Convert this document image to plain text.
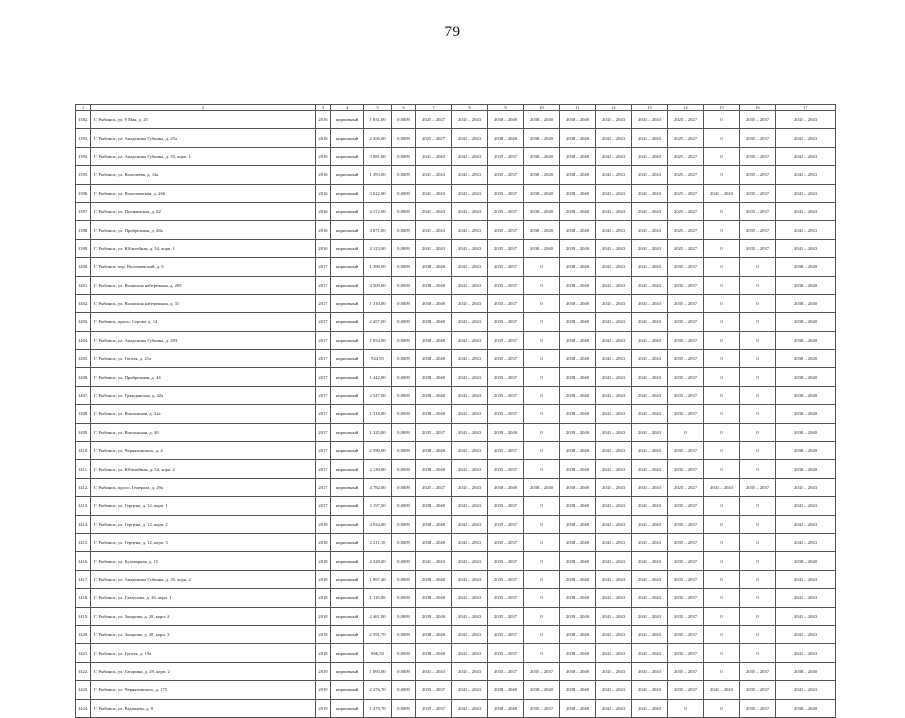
79
1	2	3	4	5	6	7	8	9	10	11	12	13	14	15	16	17
1382.	Г. Рыбинск, ул. 9 Мая, д. 25	2016	кирпичный	1 031,00	0,0009	2025 – 2027	2041 – 2043	2038 – 2040	2038 – 2040	2038 – 2040	2041 – 2043	2041 – 2043	2025 – 2027	0	2035 – 2037	2041 – 2043
1393.	Г. Рыбинск, ул. Академика Губкина, д. 25а	2016	кирпичный	2 456,00	0,0009	2025 – 2027	2041 – 2043	2038 – 2040	2038 – 2040	2038 – 2040	2041 – 2043	2041 – 2043	2025 – 2027	0	2035 – 2037	2041 – 2043
1394.	Г. Рыбинск, ул. Академика Губкина, д. 35, корп. 1	2016	кирпичный	3 081,00	0,0009	2041 – 2043	2041 – 2043	2035 – 2037	2038 – 2040	2038 – 2040	2041 – 2043	2041 – 2043	2025 – 2027	0	2035 – 2037	2041 – 2043
1395.	Г. Рыбинск, ул. Волочаева, д. 14а	2016	кирпичный	1 393,00	0,0009	2041 – 2043	2041 – 2043	2035 – 2037	2038 – 2040	2038 – 2040	2041 – 2043	2041 – 2043	2025 – 2027	0	2035 – 2037	2041 – 2043
1396.	Г. Рыбинск, ул. Волочаевская, д. 266	2016	кирпичный	3 022,00	0,0009	2041 – 2043	2041 – 2043	2035 – 2037	2038 – 2040	2038 – 2040	2041 – 2043	2041 – 2043	2025 – 2027	2041 – 2043	2035 – 2037	2041 – 2043
1397.	Г. Рыбинск, ул. Пушкинская, д. 62	2016	кирпичный	4 172,00	0,0009	2041 – 2043	2041 – 2043	2035 – 2037	2038 – 2040	2038 – 2040	2041 – 2043	2041 – 2043	2025 – 2027	0	2035 – 2037	2041 – 2043
1398.	Г. Рыбинск, ул. Прибрежная, д. 48а	2016	кирпичный	3 871,00	0,0009	2041 – 2043	2041 – 2043	2035 – 2037	2038 – 2040	2038 – 2040	2041 – 2043	2041 – 2043	2025 – 2027	0	2035 – 2037	2041 – 2043
1399.	Г. Рыбинск, ул. Юбилейная, д. 54, корп. 1	2016	кирпичный	2 123,00	0,0009	2041 – 2043	2041 – 2043	2035 – 2037	2038 – 2040	2038 – 2040	2041 – 2043	2041 – 2043	2025 – 2027	0	2035 – 2037	2041 – 2043
1400.	Г. Рыбинск, пер. Волочаевский, д. 6	2017	кирпичный	1 398,00	0,0009	2038 – 2040	2041 – 2043	2035 – 2037	0	2038 – 2040	2041 – 2043	2041 – 2043	2035 – 2037	0	0	2038 – 2040
1401.	Г. Рыбинск, ул. Волжская набережная, д. 209	2017	кирпичный	4 509,00	0,0009	2038 – 2040	2041 – 2043	2035 – 2037	0	2038 – 2040	2041 – 2043	2041 – 2043	2035 – 2037	0	0	2038 – 2040
1402.	Г. Рыбинск, ул. Волжская набережная, д. 31	2017	кирпичный	1 310,00	0,0009	2038 – 2040	2041 – 2043	2035 – 2037	0	2038 – 2040	2041 – 2043	2041 – 2043	2035 – 2037	0	0	2038 – 2040
1403.	Г. Рыбинск, просп. Серова, д. 14	2017	кирпичный	2 457,00	0,0009	2038 – 2040	2041 – 2043	2035 – 2037	0	2038 – 2040	2041 – 2043	2041 – 2043	2035 – 2037	0	0	2038 – 2040
1404.	Г. Рыбинск, ул. Академика Губкина, д. 293	2017	кирпичный	1 054,00	0,0009	2038 – 2040	2041 – 2043	2035 – 2037	0	2038 – 2040	2041 – 2043	2041 – 2043	2035 – 2037	0	0	2038 – 2040
1405.	Г. Рыбинск, ул. Гоголя, д. 21а	2017	кирпичный	924,95	0,0009	2038 – 2040	2041 – 2043	2035 – 2037	0	2038 – 2040	2041 – 2043	2041 – 2043	2035 – 2037	0	0	2038 – 2040
1406.	Г. Рыбинск, ул. Прибрежная, д. 44	2017	кирпичный	1 442,00	0,0009	2038 – 2040	2041 – 2043	2035 – 2037	0	2038 – 2040	2041 – 2043	2041 – 2043	2035 – 2037	0	0	2038 – 2040
1407.	Г. Рыбинск, ул. Гражданская, д. 42а	2017	кирпичный	2 547,00	0,0009	2038 – 2040	2041 – 2043	2035 – 2037	0	2038 – 2040	2041 – 2043	2041 – 2043	2035 – 2037	0	0	2038 – 2040
1408.	Г. Рыбинск, ул. Вокзальная, д. 32а	2017	кирпичный	1 318,00	0,0009	2038 – 2040	2041 – 2043	2035 – 2037	0	2038 – 2040	2041 – 2043	2041 – 2043	2035 – 2037	0	0	2038 – 2040
1409.	Г. Рыбинск, ул. Вокзальная, д. 40	2017	кирпичный	1 325,00	0,0009	2035 – 2037	2041 – 2043	2038 – 2040	0	2038 – 2040	2041 – 2043	2041 – 2043	0	0	0	2038 – 2040
1410.	Г. Рыбинск, ул. Черняховского, д. 4	2017	кирпичный	2 590,00	0,0009	2038 – 2040	2041 – 2043	2035 – 2037	0	2038 – 2040	2041 – 2043	2041 – 2043	2035 – 2037	0	0	2038 – 2040
1411.	Г. Рыбинск, ул. Юбилейная, д. 54, корп. 2	2017	кирпичный	2 139,00	0,0009	2038 – 2040	2041 – 2043	2035 – 2037	0	2038 – 2040	2041 – 2043	2041 – 2043	2035 – 2037	0	0	2038 – 2040
1412.	Г. Рыбинск, просп. Генерала, д. 29а	2017	кирпичный	4 782,00	0,0009	2025 – 2027	2041 – 2043	2038 – 2040	2038 – 2040	2038 – 2040	2041 – 2043	2041 – 2043	2025 – 2027	2041 – 2043	2035 – 2037	2041 – 2043
1413.	Г. Рыбинск, ул. Герцена, д. 12, корп. 1	2017	кирпичный	3 197,00	0,0009	2038 – 2040	2041 – 2043	2035 – 2037	0	2038 – 2040	2041 – 2043	2041 – 2043	2035 – 2037	0	0	2041 – 2043
1414.	Г. Рыбинск, ул. Герцена, д. 12, корп. 2	2018	кирпичный	4 024,00	0,0009	2038 – 2040	2041 – 2043	2035 – 2037	0	2038 – 2040	2041 – 2043	2041 – 2043	2035 – 2037	0	0	2041 – 2043
1415.	Г. Рыбинск, ул. Герцена, д. 12, корп. 3	2018	кирпичный	2 211,10	0,0009	2038 – 2040	2041 – 2043	2035 – 2037	0	2038 – 2040	2041 – 2043	2041 – 2043	2035 – 2037	0	0	2041 – 2043
1416.	Г. Рыбинск, ул. Бульварная, д. 15	2018	кирпичный	4 328,00	0,0009	2041 – 2043	2041 – 2043	2035 – 2037	0	2038 – 2040	2041 – 2043	2041 – 2043	2035 – 2037	0	0	2038 – 2040
1417.	Г. Рыбинск, ул. Академика Губкина, д. 35, корп. 2	2018	кирпичный	1 997,40	0,0009	2038 – 2040	2041 – 2043	2035 – 2037	0	2038 – 2040	2041 – 2043	2041 – 2043	2035 – 2037	0	0	2041 – 2043
1418.	Г. Рыбинск, ул. Глазунова, д. 26, корп. 1	2018	кирпичный	1 116,00	0,0009	2038 – 2040	2041 – 2043	2035 – 2037	0	2038 – 2040	2041 – 2043	2041 – 2043	2035 – 2037	0	0	2041 – 2043
1419.	Г. Рыбинск, ул. Захарова, д. 28, корп. 2	2018	кирпичный	2 461,00	0,0009	2038 – 2040	2041 – 2043	2035 – 2037	0	2038 – 2040	2041 – 2043	2041 – 2043	2035 – 2037	0	0	2041 – 2043
1420.	Г. Рыбинск, ул. Захарова, д. 28, корп. 3	2018	кирпичный	2 591,70	0,0009	2038 – 2040	2041 – 2043	2035 – 2037	0	2038 – 2040	2041 – 2043	2041 – 2043	2035 – 2037	0	0	2041 – 2043
1421.	Г. Рыбинск, ул. Гоголя, д. 19а	2018	кирпичный	866,50	0,0009	2038 – 2040	2041 – 2043	2035 – 2037	0	2038 – 2040	2041 – 2043	2041 – 2043	2035 – 2037	0	0	2041 – 2043
1422.	Г. Рыбинск, ул. Гагарина, д. 29, корп. 2	2019	кирпичный	1 893,00	0,0009	2041 – 2043	2041 – 2043	2035 – 2037	2035 – 2037	2038 – 2040	2041 – 2043	2041 – 2043	2035 – 2037	0	2035 – 2037	2038 – 2040
1423.	Г. Рыбинск, ул. Черняховского, д. 175	2019	кирпичный	2 276,70	0,0009	2035 – 2037	2041 – 2043	2038 – 2040	2038 – 2040	2038 – 2040	2041 – 2043	2041 – 2043	2035 – 2037	2041 – 2043	2035 – 2037	2041 – 2043
1424.	Г. Рыбинск, ул. Радищева, д. 8	2019	кирпичный	1 479,70	0,0009	2035 – 2037	2041 – 2043	2038 – 2040	2035 – 2037	2038 – 2040	2041 – 2043	2041 – 2043	0	0	2035 – 2037	2038 – 2040
